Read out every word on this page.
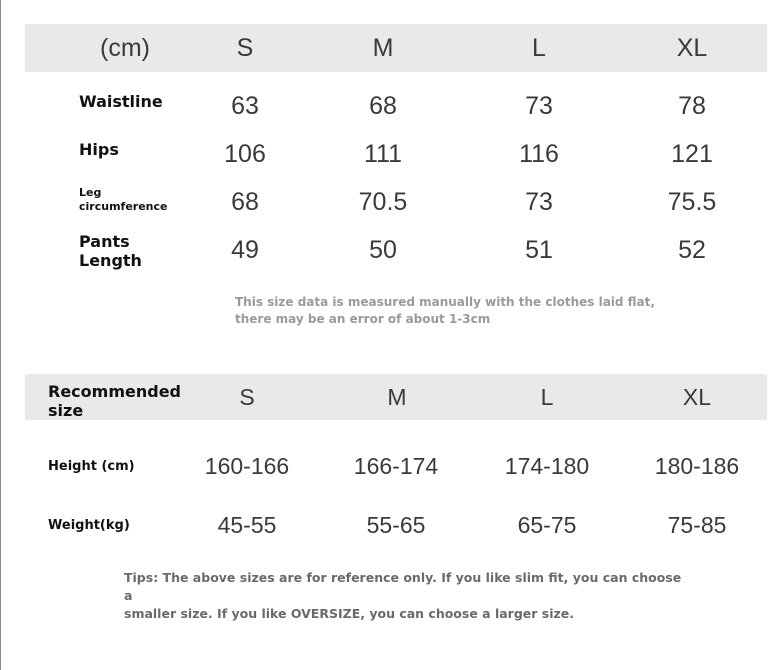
(cm)	S	M	L	XL
Waistline	63	68	73	78
Hips	106	111	116	121
Leg
circumference	68	70.5	73	75.5
Pants
Length	49	50	51	52
This size data is measured manually with the clothes laid flat,
there may be an error of about 1-3cm
Recommended
size
S	M	L	XL
Height (cm)	160-166	166-174	174-180	180-186
Weight(kg)	45-55	55-65	65-75	75-85
Tips: The above sizes are for reference only. If you like slim fit, you can choose a
smaller size. If you like OVERSIZE, you can choose a larger size.
